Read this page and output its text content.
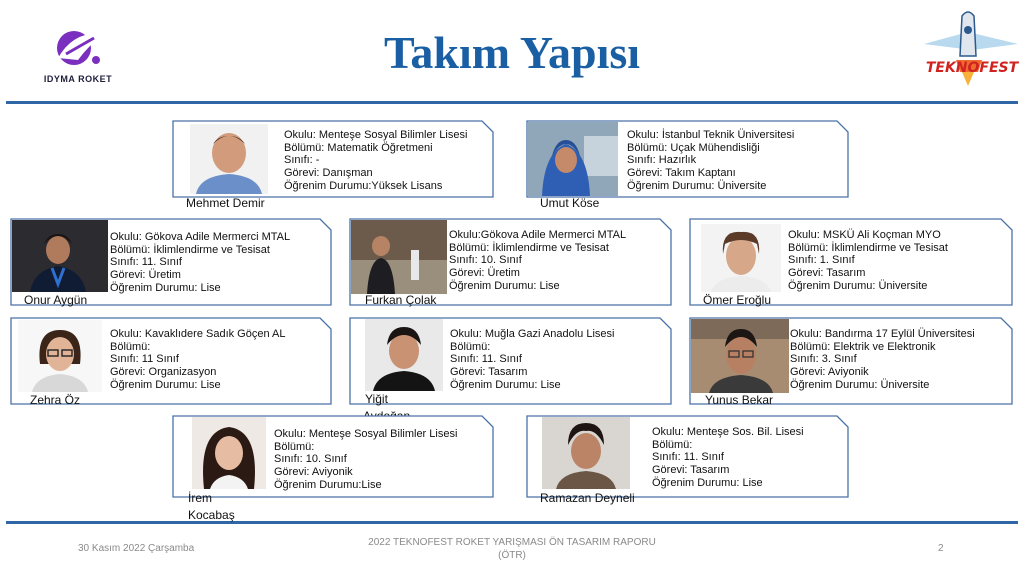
Takım Yapısı
IDYMA ROKET
TEKNOFEST
Mehmet Demir
Okulu: Menteşe Sosyal Bilimler Lisesi
Bölümü: Matematik Öğretmeni
Sınıfı: -
Görevi: Danışman
Öğrenim Durumu:Yüksek Lisans
Umut Köse
Okulu: İstanbul Teknik Üniversitesi
Bölümü: Uçak Mühendisliği
Sınıfı: Hazırlık
Görevi: Takım Kaptanı
Öğrenim Durumu: Üniversite
Onur Aygün
Okulu: Gökova Adile Mermerci MTAL
Bölümü: İklimlendirme ve Tesisat
Sınıfı: 11. Sınıf
Görevi: Üretim
Öğrenim Durumu: Lise
Furkan Çolak
Okulu:Gökova Adile Mermerci MTAL
Bölümü: İklimlendirme ve Tesisat
Sınıfı: 10. Sınıf
Görevi: Üretim
Öğrenim Durumu: Lise
Ömer Eroğlu
Okulu: MSKÜ Ali Koçman MYO
Bölümü: İklimlendirme ve Tesisat
Sınıfı: 1. Sınıf
Görevi: Tasarım
Öğrenim Durumu: Üniversite
Zehra Öz
Okulu: Kavaklıdere Sadık Göçen AL
Bölümü:
Sınıfı: 11 Sınıf
Görevi: Organizasyon
Öğrenim Durumu: Lise
Yiğit
Okulu: Muğla Gazi Anadolu Lisesi
Bölümü:
Sınıfı: 11. Sınıf
Görevi: Tasarım
Öğrenim Durumu: Lise
Yunus Bekar
Okulu: Bandırma 17 Eylül Üniversitesi
Bölümü: Elektrik ve Elektronik
Sınıfı: 3. Sınıf
Görevi: Aviyonik
Öğrenim Durumu: Üniversite
İrem
Kocabaş
Okulu: Menteşe Sosyal Bilimler Lisesi
Bölümü:
Sınıfı: 10. Sınıf
Görevi: Aviyonik
Öğrenim Durumu:Lise
Ramazan Deyneli
Okulu: Menteşe Sos. Bil. Lisesi
Bölümü:
Sınıfı: 11. Sınıf
Görevi: Tasarım
Öğrenim Durumu: Lise
30 Kasım 2022 Çarşamba
2022 TEKNOFEST ROKET YARIŞMASI ÖN TASARIM RAPORU
(ÖTR)
2
